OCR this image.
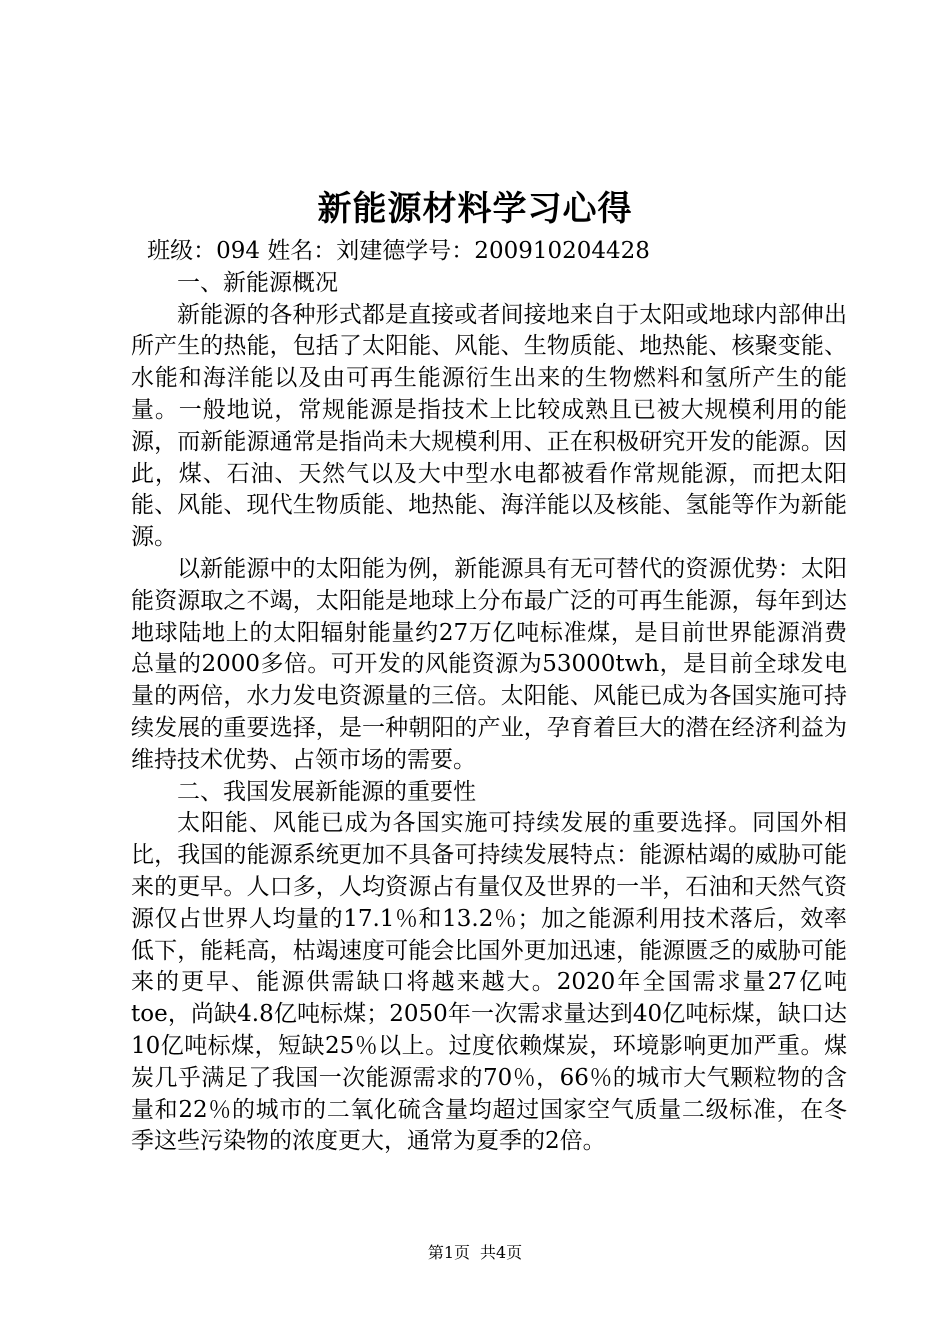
新能源材料学习心得

班级：094 姓名：刘建德学号：200910204428

一、新能源概况

新能源的各种形式都是直接或者间接地来自于太阳或地球内部伸出所产生的热能，包括了太阳能、风能、生物质能、地热能、核聚变能、水能和海洋能以及由可再生能源衍生出来的生物燃料和氢所产生的能量。一般地说，常规能源是指技术上比较成熟且已被大规模利用的能源，而新能源通常是指尚未大规模利用、正在积极研究开发的能源。因此，煤、石油、天然气以及大中型水电都被看作常规能源，而把太阳能、风能、现代生物质能、地热能、海洋能以及核能、氢能等作为新能源。

以新能源中的太阳能为例，新能源具有无可替代的资源优势：太阳能资源取之不竭，太阳能是地球上分布最广泛的可再生能源，每年到达地球陆地上的太阳辐射能量约27万亿吨标准煤，是目前世界能源消费总量的2000多倍。可开发的风能资源为53000twh，是目前全球发电量的两倍，水力发电资源量的三倍。太阳能、风能已成为各国实施可持续发展的重要选择，是一种朝阳的产业，孕育着巨大的潜在经济利益为维持技术优势、占领市场的需要。

二、我国发展新能源的重要性

太阳能、风能已成为各国实施可持续发展的重要选择。同国外相比，我国的能源系统更加不具备可持续发展特点：能源枯竭的威胁可能来的更早。人口多，人均资源占有量仅及世界的一半，石油和天然气资源仅占世界人均量的17.1％和13.2％；加之能源利用技术落后，效率低下，能耗高，枯竭速度可能会比国外更加迅速，能源匮乏的威胁可能来的更早、能源供需缺口将越来越大。2020年全国需求量27亿吨toe，尚缺4.8亿吨标煤；2050年一次需求量达到40亿吨标煤，缺口达10亿吨标煤，短缺25％以上。过度依赖煤炭，环境影响更加严重。煤炭几乎满足了我国一次能源需求的70％，66％的城市大气颗粒物的含量和22％的城市的二氧化硫含量均超过国家空气质量二级标准，在冬季这些污染物的浓度更大，通常为夏季的2倍。

第1页 共4页
